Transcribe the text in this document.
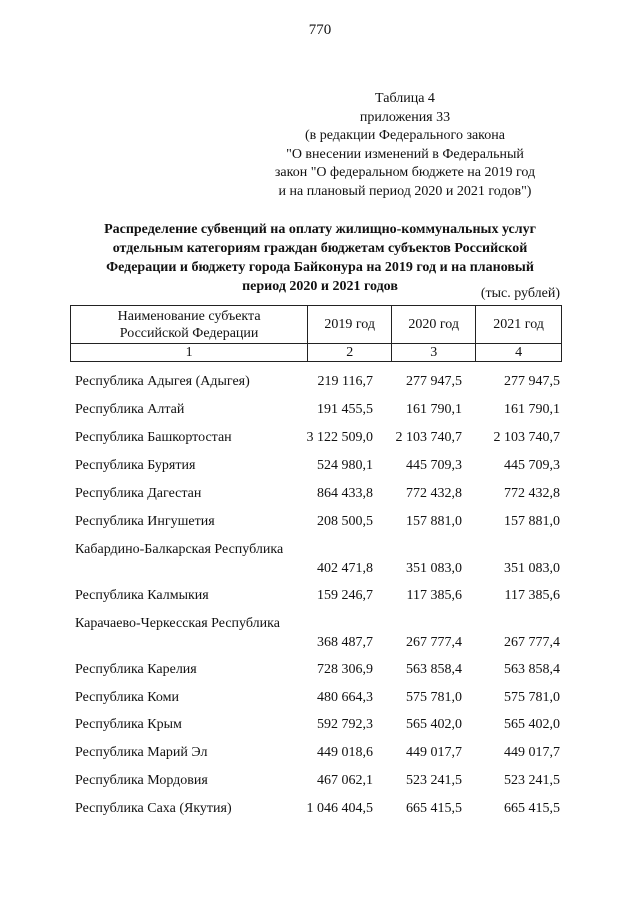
770
Таблица 4
приложения 33
(в редакции Федерального закона
"О внесении изменений в Федеральный
закон "О федеральном бюджете на 2019 год
и на плановый период 2020 и 2021 годов")
Распределение субвенций на оплату жилищно-коммунальных услуг
отдельным категориям граждан бюджетам субъектов Российской
Федерации и бюджету города Байконура на 2019 год и на плановый
период 2020 и 2021 годов	(тыс. рублей)
Наименование субъекта Российской Федерации	2019 год	2020 год	2021 год
1	2	3	4
Республика Адыгея (Адыгея)	219 116,7	277 947,5	277 947,5
Республика Алтай	191 455,5	161 790,1	161 790,1
Республика Башкортостан	3 122 509,0	2 103 740,7	2 103 740,7
Республика Бурятия	524 980,1	445 709,3	445 709,3
Республика Дагестан	864 433,8	772 432,8	772 432,8
Республика Ингушетия	208 500,5	157 881,0	157 881,0
Кабардино-Балкарская Республика
402 471,8	351 083,0	351 083,0
Республика Калмыкия	159 246,7	117 385,6	117 385,6
Карачаево-Черкесская Республика
368 487,7	267 777,4	267 777,4
Республика Карелия	728 306,9	563 858,4	563 858,4
Республика Коми	480 664,3	575 781,0	575 781,0
Республика Крым	592 792,3	565 402,0	565 402,0
Республика Марий Эл	449 018,6	449 017,7	449 017,7
Республика Мордовия	467 062,1	523 241,5	523 241,5
Республика Саха (Якутия)	1 046 404,5	665 415,5	665 415,5
